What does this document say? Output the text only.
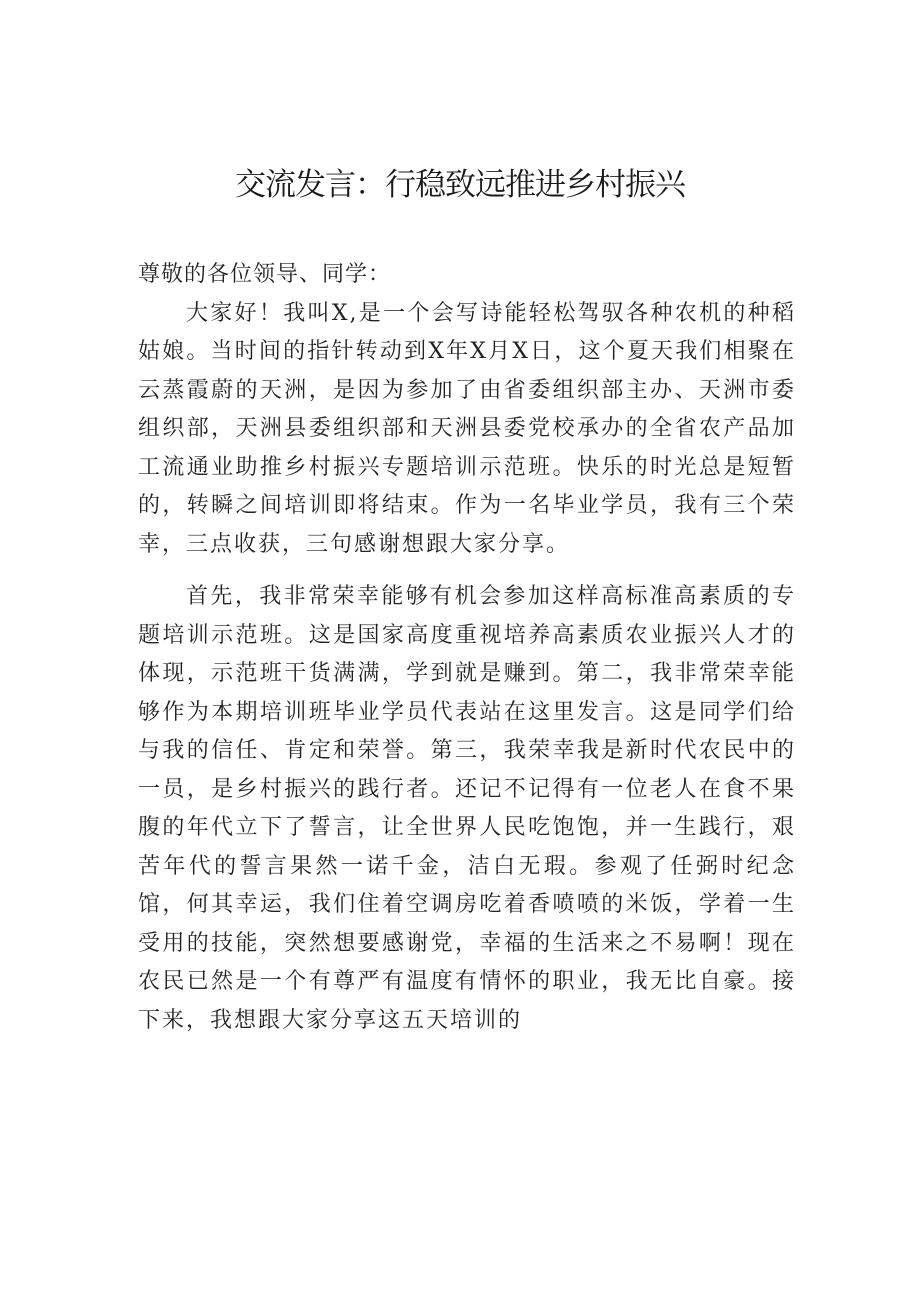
交流发言：行稳致远推进乡村振兴

尊敬的各位领导、同学：

大家好！我叫X,是一个会写诗能轻松驾驭各种农机的种稻姑娘。当时间的指针转动到X年X月X日，这个夏天我们相聚在云蒸霞蔚的天洲，是因为参加了由省委组织部主办、天洲市委组织部，天洲县委组织部和天洲县委党校承办的全省农产品加工流通业助推乡村振兴专题培训示范班。快乐的时光总是短暂的，转瞬之间培训即将结束。作为一名毕业学员，我有三个荣幸，三点收获，三句感谢想跟大家分享。

首先，我非常荣幸能够有机会参加这样高标准高素质的专题培训示范班。这是国家高度重视培养高素质农业振兴人才的体现，示范班干货满满，学到就是赚到。第二，我非常荣幸能够作为本期培训班毕业学员代表站在这里发言。这是同学们给与我的信任、肯定和荣誉。第三，我荣幸我是新时代农民中的一员，是乡村振兴的践行者。还记不记得有一位老人在食不果腹的年代立下了誓言，让全世界人民吃饱饱，并一生践行，艰苦年代的誓言果然一诺千金，洁白无瑕。参观了任弼时纪念馆，何其幸运，我们住着空调房吃着香喷喷的米饭，学着一生受用的技能，突然想要感谢党，幸福的生活来之不易啊！现在农民已然是一个有尊严有温度有情怀的职业，我无比自豪。接下来，我想跟大家分享这五天培训的
